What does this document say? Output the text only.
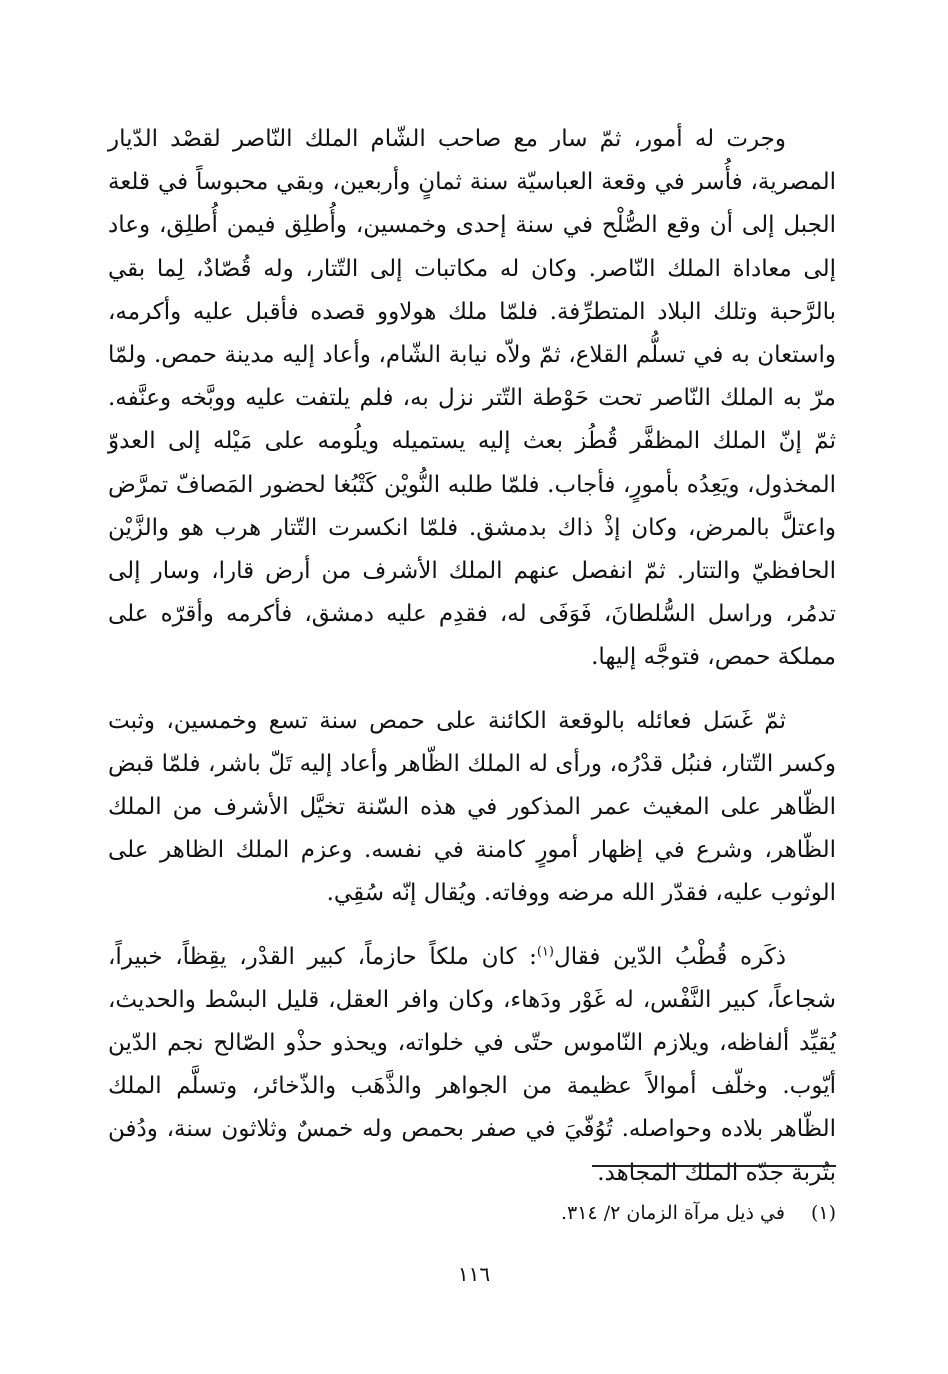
وجرت له أمور، ثمّ سار مع صاحب الشّام الملك النّاصر لقصْد الدّيار المصرية، فأُسر في وقعة العباسيّة سنة ثمانٍ وأربعين، وبقي محبوساً في قلعة الجبل إلى أن وقع الصُّلْح في سنة إحدى وخمسين، وأُطلِق فيمن أُطلِق، وعاد إلى معاداة الملك النّاصر. وكان له مكاتبات إلى التّتار، وله قُصّادٌ، لِما بقي بالرَّحبة وتلك البلاد المتطرِّفة. فلمّا ملك هولاوو قصده فأقبل عليه وأكرمه، واستعان به في تسلُّم القلاع، ثمّ ولاّه نيابة الشّام، وأعاد إليه مدينة حمص. ولمّا مرّ به الملك النّاصر تحت حَوْطة التّتر نزل به، فلم يلتفت عليه ووبَّخه وعنَّفه. ثمّ إنّ الملك المظفَّر قُطُز بعث إليه يستميله ويلُومه على مَيْله إلى العدوّ المخذول، ويَعِدُه بأمورٍ، فأجاب. فلمّا طلبه النُّويْن كَتْبُغا لحضور المَصافّ تمرَّض واعتلَّ بالمرض، وكان إذْ ذاك بدمشق. فلمّا انكسرت التّتار هرب هو والزَّيْن الحافظيّ والتتار. ثمّ انفصل عنهم الملك الأشرف من أرض قارا، وسار إلى تدمُر، وراسل السُّلطانَ، فَوَفَى له، فقدِم عليه دمشق، فأكرمه وأقرّه على مملكة حمص، فتوجَّه إليها.

ثمّ غَسَل فعائله بالوقعة الكائنة على حمص سنة تسع وخمسين، وثبت وكسر التّتار، فنبُل قدْرُه، ورأى له الملك الظّاهر وأعاد إليه تَلّ باشر، فلمّا قبض الظّاهر على المغيث عمر المذكور في هذه السّنة تخيَّل الأشرف من الملك الظّاهر، وشرع في إظهار أمورٍ كامنة في نفسه. وعزم الملك الظاهر على الوثوب عليه، فقدّر الله مرضه ووفاته. ويُقال إنّه سُقِي.

ذكَره قُطْبُ الدّين فقال$^{(١)}$: كان ملكاً حازماً، كبير القدْر، يقِظاً، خبيراً، شجاعاً، كبير النَّفْس، له غَوْر ودَهاء، وكان وافر العقل، قليل البسْط والحديث، يُقيِّد ألفاظه، ويلازم النّاموس حتّى في خلواته، ويحذو حذْو الصّالح نجم الدّين أيّوب. وخلّف أموالاً عظيمة من الجواهر والذَّهَب والذّخائر، وتسلَّم الملك الظّاهر بلاده وحواصله. تُوُفّيَ في صفر بحمص وله خمسٌ وثلاثون سنة، ودُفن بتُربة جدّه الملك المجاهد.

(١)في ذيل مرآة الزمان ٢/ ٣١٤.
١١٦
